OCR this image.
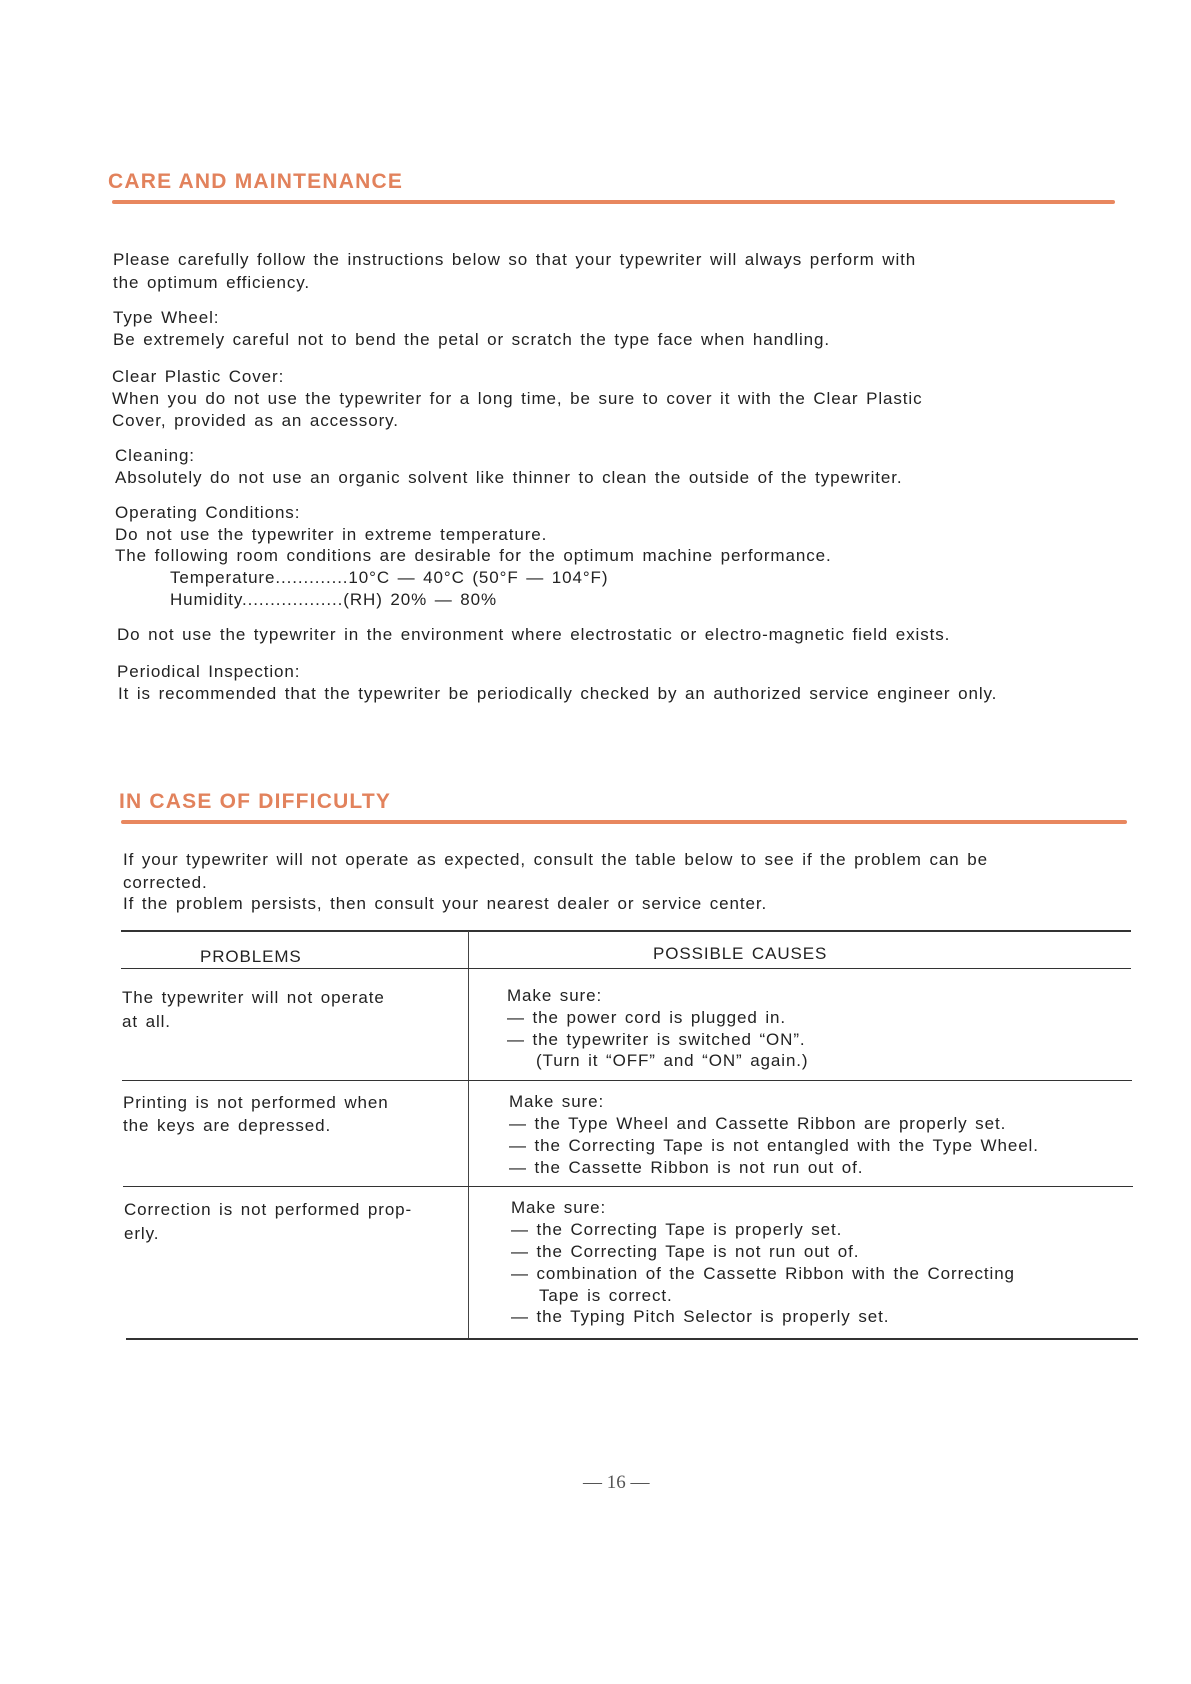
CARE AND MAINTENANCE
Please carefully follow the instructions below so that your typewriter will always perform with
the optimum efficiency.
Type Wheel:
Be extremely careful not to bend the petal or scratch the type face when handling.
Clear Plastic Cover:
When you do not use the typewriter for a long time, be sure to cover it with the Clear Plastic
Cover, provided as an accessory.
Cleaning:
Absolutely do not use an organic solvent like thinner to clean the outside of the typewriter.
Operating Conditions:
Do not use the typewriter in extreme temperature.
The following room conditions are desirable for the optimum machine performance.
Temperature.............10°C — 40°C (50°F — 104°F)
Humidity..................(RH) 20% — 80%
Do not use the typewriter in the environment where electrostatic or electro-magnetic field exists.
Periodical Inspection:
It is recommended that the typewriter be periodically checked by an authorized service engineer only.
IN CASE OF DIFFICULTY
If your typewriter will not operate as expected, consult the table below to see if the problem can be
corrected.
If the problem persists, then consult your nearest dealer or service center.
PROBLEMS	POSSIBLE CAUSES
The typewriter will not operate
at all.
Make sure:
— the power cord is plugged in.
— the typewriter is switched “ON”.
(Turn it “OFF” and “ON” again.)
Printing is not performed when
the keys are depressed.
Make sure:
— the Type Wheel and Cassette Ribbon are properly set.
— the Correcting Tape is not entangled with the Type Wheel.
— the Cassette Ribbon is not run out of.
Correction is not performed prop-
erly.
Make sure:
— the Correcting Tape is properly set.
— the Correcting Tape is not run out of.
— combination of the Cassette Ribbon with the Correcting
Tape is correct.
— the Typing Pitch Selector is properly set.
— 16 —
